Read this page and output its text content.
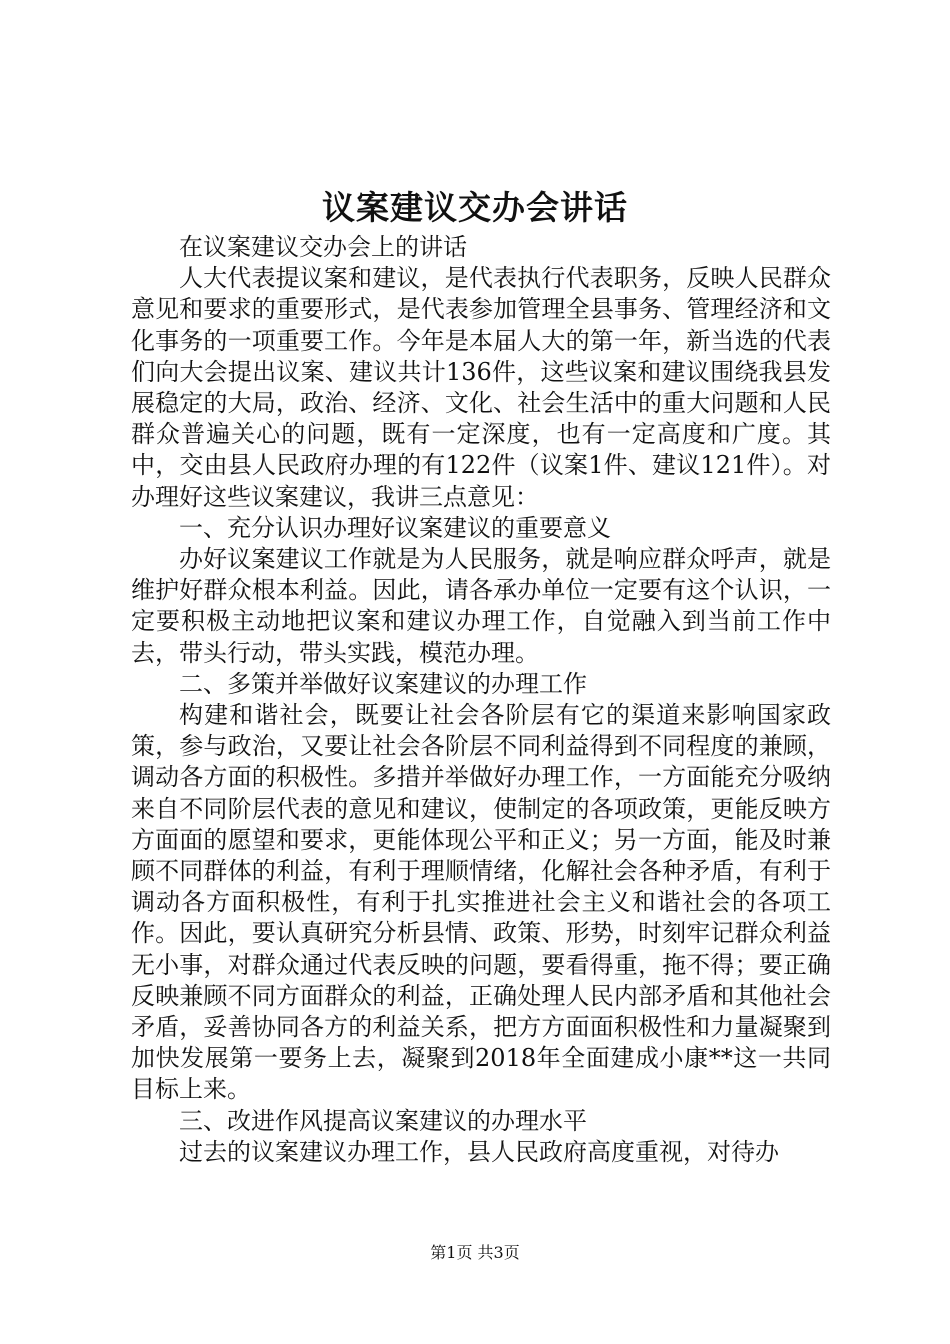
议案建议交办会讲话

在议案建议交办会上的讲话

人大代表提议案和建议，是代表执行代表职务，反映人民群众意见和要求的重要形式，是代表参加管理全县事务、管理经济和文化事务的一项重要工作。今年是本届人大的第一年，新当选的代表们向大会提出议案、建议共计136件，这些议案和建议围绕我县发展稳定的大局，政治、经济、文化、社会生活中的重大问题和人民群众普遍关心的问题，既有一定深度，也有一定高度和广度。其中，交由县人民政府办理的有122件（议案1件、建议121件）。对办理好这些议案建议，我讲三点意见：

一、充分认识办理好议案建议的重要意义

办好议案建议工作就是为人民服务，就是响应群众呼声，就是维护好群众根本利益。因此，请各承办单位一定要有这个认识，一定要积极主动地把议案和建议办理工作，自觉融入到当前工作中去，带头行动，带头实践，模范办理。

二、多策并举做好议案建议的办理工作

构建和谐社会，既要让社会各阶层有它的渠道来影响国家政策，参与政治，又要让社会各阶层不同利益得到不同程度的兼顾，调动各方面的积极性。多措并举做好办理工作，一方面能充分吸纳来自不同阶层代表的意见和建议，使制定的各项政策，更能反映方方面面的愿望和要求，更能体现公平和正义；另一方面，能及时兼顾不同群体的利益，有利于理顺情绪，化解社会各种矛盾，有利于调动各方面积极性，有利于扎实推进社会主义和谐社会的各项工作。因此，要认真研究分析县情、政策、形势，时刻牢记群众利益无小事，对群众通过代表反映的问题，要看得重，拖不得；要正确反映兼顾不同方面群众的利益，正确处理人民内部矛盾和其他社会矛盾，妥善协同各方的利益关系，把方方面面积极性和力量凝聚到加快发展第一要务上去，凝聚到2018年全面建成小康**这一共同目标上来。

三、改进作风提高议案建议的办理水平

过去的议案建议办理工作，县人民政府高度重视，对待办

第1页 共3页
